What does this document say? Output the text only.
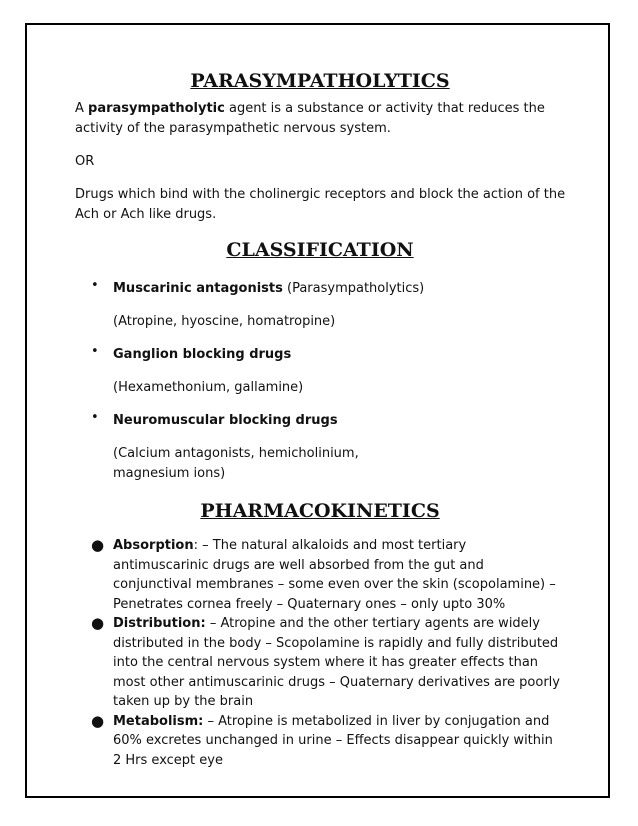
PARASYMPATHOLYTICS

A parasympatholytic agent is a substance or activity that reduces the activity of the parasympathetic nervous system.

OR

Drugs which bind with the cholinergic receptors and block the action of the Ach or Ach like drugs.

CLASSIFICATION
• Muscarinic antagonists (Parasympatholytics)

(Atropine, hyoscine, homatropine)

• Ganglion blocking drugs

(Hexamethonium, gallamine)

• Neuromuscular blocking drugs

(Calcium antagonists, hemicholinium, magnesium ions)

PHARMACOKINETICS
● Absorption: – The natural alkaloids and most tertiary antimuscarinic drugs are well absorbed from the gut and conjunctival membranes – some even over the skin (scopolamine) – Penetrates cornea freely – Quaternary ones – only upto 30%
● Distribution: – Atropine and the other tertiary agents are widely distributed in the body – Scopolamine is rapidly and fully distributed into the central nervous system where it has greater effects than most other antimuscarinic drugs – Quaternary derivatives are poorly taken up by the brain
● Metabolism: – Atropine is metabolized in liver by conjugation and 60% excretes unchanged in urine – Effects disappear quickly within 2 Hrs except eye
